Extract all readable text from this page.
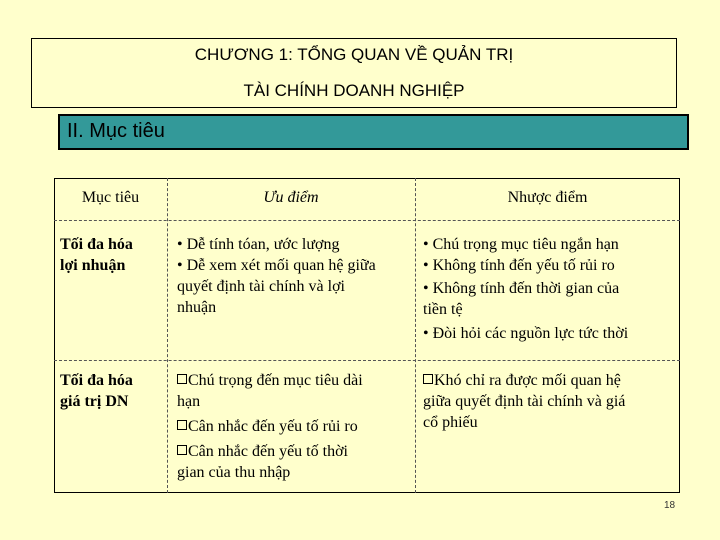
CHƯƠNG 1: TỔNG QUAN VỀ QUẢN TRỊ
TÀI CHÍNH DOANH NGHIỆP
II. Mục tiêu
Mục tiêu	Ưu điểm	Nhược điểm
Tối đa hóa
lợi nhuận
• Dễ tính tóan, ước lượng
• Dễ xem xét mối quan hệ giữa
quyết định tài chính và lợi
nhuận
• Chú trọng mục tiêu ngắn hạn
• Không tính đến yếu tố rủi ro
• Không tính đến thời gian của
tiền tệ
• Đòi hỏi các nguồn lực tức thời
Tối đa hóa
giá trị DN
Chú trọng đến mục tiêu dài
hạn
Cân nhắc đến yếu tố rủi ro
Cân nhắc đến yếu tố thời
gian của thu nhập
Khó chỉ ra được mối quan hệ
giữa quyết định tài chính và giá
cổ phiếu
18
